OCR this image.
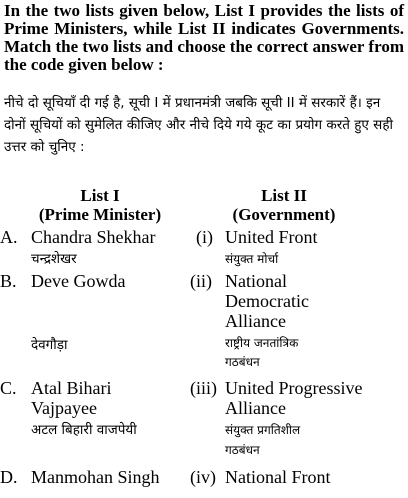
In the two lists given below, List I provides the lists of Prime Ministers, while List II indicates Governments. Match the two lists and choose the correct answer from the code given below :
नीचे दो सूचियाँ दी गई है, सूची I में प्रधानमंत्री जबकि सूची II में सरकारें हैं। इन दोनों सूचियों को सुमेलित कीजिए और नीचे दिये गये कूट का प्रयोग करते हुए सही उत्तर को चुनिए :
List I
(Prime Minister)
List II
(Government)
A. Chandra Shekhar
चन्द्रशेखर
(i) United Front
संयुक्त मोर्चा
B. Deve Gowda
देवगौड़ा
(ii) National
Democratic
Alliance
राष्ट्रीय जनतांत्रिक
गठबंधन
C. Atal Bihari
Vajpayee
अटल बिहारी वाजपेयी
(iii) United Progressive
Alliance
संयुक्त प्रगतिशील
गठबंधन
D. Manmohan Singh (iv) National Front
